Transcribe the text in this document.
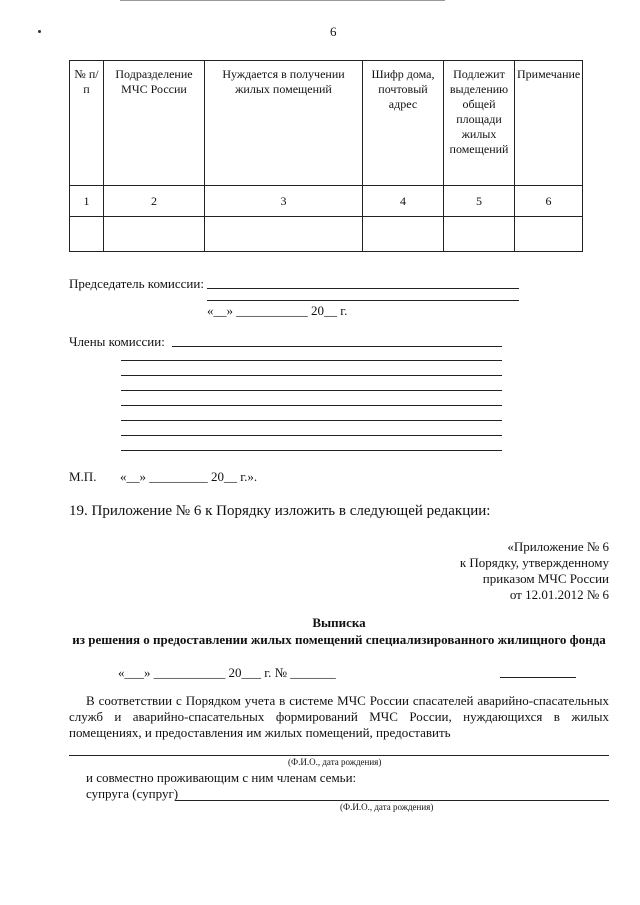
6
№ п/п	Подразделение МЧС России	Нуждается в получении жилых помещений	Шифр дома, почтовый адрес	Подлежит выделению общей площади жилых помещений	Примечание
1	2	3	4	5	6

Председатель комиссии:
«__» ___________ 20__ г.
Члены комиссии:
М.П. «__» _________ 20__ г.».
19. Приложение № 6 к Порядку изложить в следующей редакции:
«Приложение № 6
к Порядку, утвержденному
приказом МЧС России
от 12.01.2012 № 6
Выписка
из решения о предоставлении жилых помещений специализированного жилищного фонда
«___» ___________ 20___ г. № _______
В соответствии с Порядком учета в системе МЧС России спасателей аварийно-спасательных служб и аварийно-спасательных формирований МЧС России, нуждающихся в жилых помещениях, и предоставления им жилых помещений, предоставить
(Ф.И.О., дата рождения)
и совместно проживающим с ним членам семьи:
супруга (супруг)
(Ф.И.О., дата рождения)
